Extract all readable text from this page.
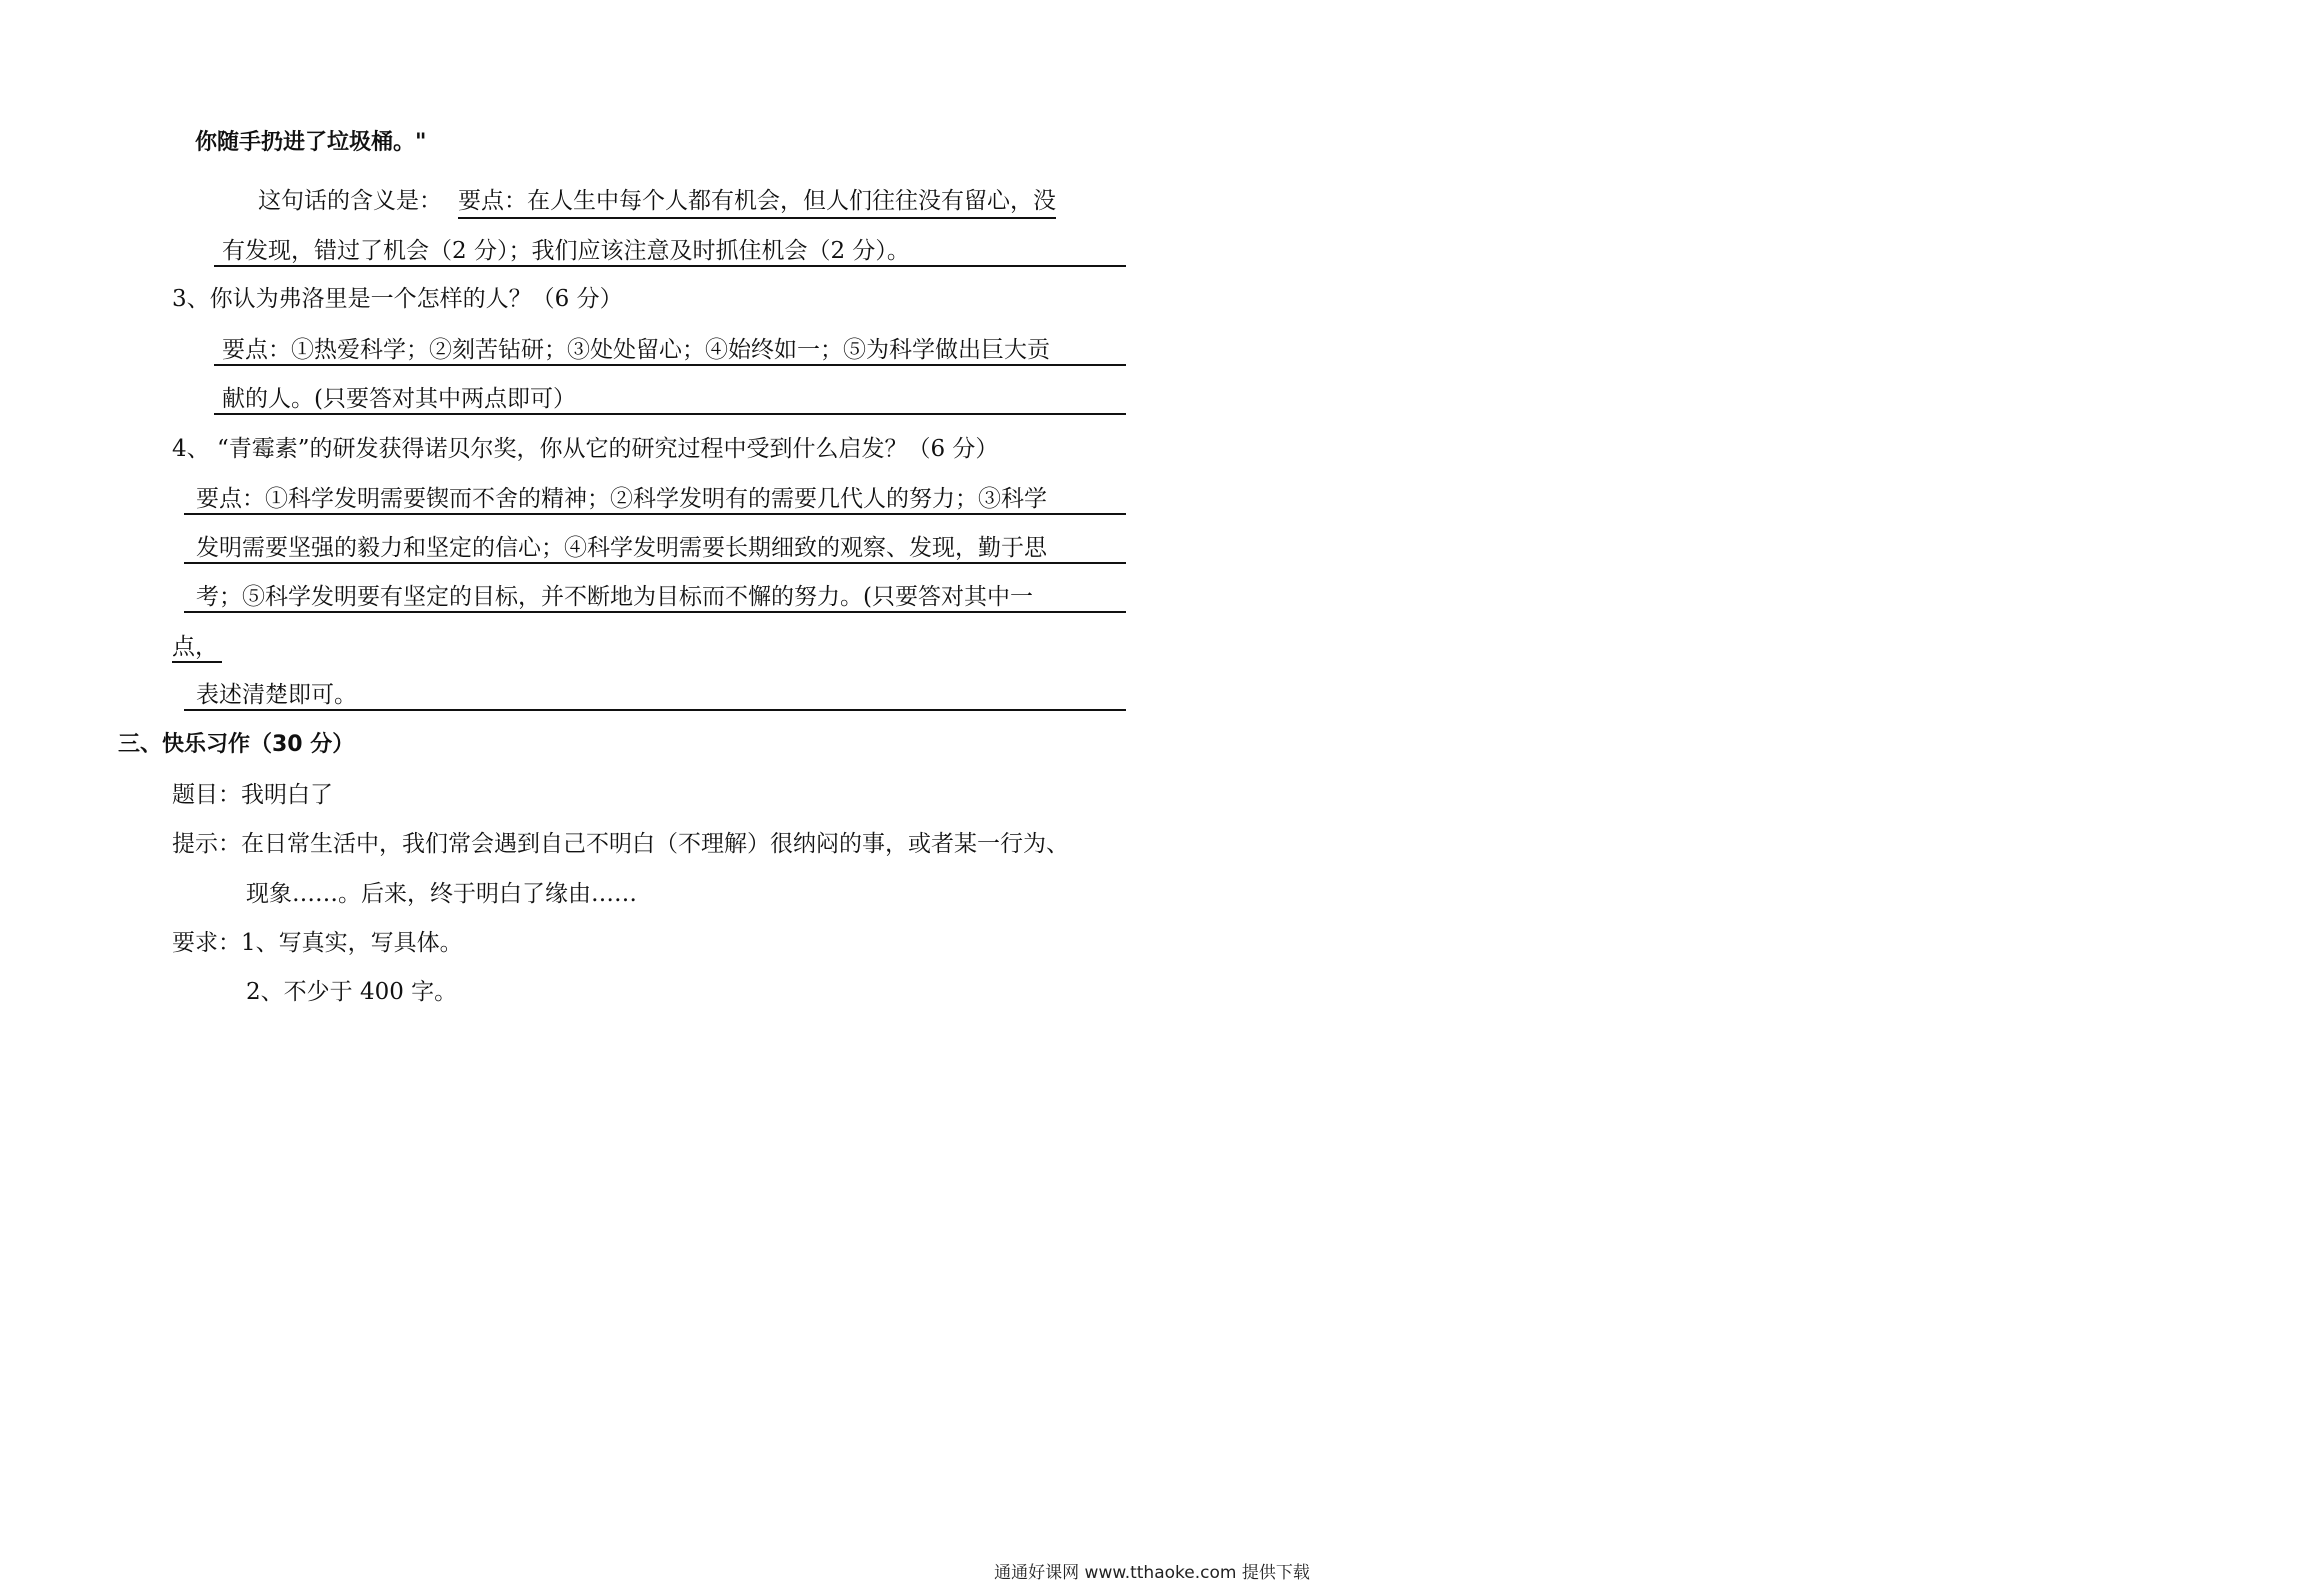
你随手扔进了垃圾桶。"
这句话的含义是： 要点：在人生中每个人都有机会，但人们往往没有留心，没
有发现，错过了机会（2 分）；我们应该注意及时抓住机会（2 分）。
3、你认为弗洛里是一个怎样的人？（6 分）
要点：①热爱科学；②刻苦钻研；③处处留心；④始终如一；⑤为科学做出巨大贡
献的人。(只要答对其中两点即可）
4、 “青霉素”的研发获得诺贝尔奖，你从它的研究过程中受到什么启发？（6 分）
要点：①科学发明需要锲而不舍的精神；②科学发明有的需要几代人的努力；③科学
发明需要坚强的毅力和坚定的信心；④科学发明需要长期细致的观察、发现，勤于思
考；⑤科学发明要有坚定的目标，并不断地为目标而不懈的努力。(只要答对其中一
点，
表述清楚即可。
三、快乐习作（30 分）
题目：我明白了
提示：在日常生活中，我们常会遇到自己不明白（不理解）很纳闷的事，或者某一行为、
现象……。后来，终于明白了缘由……
要求：1、写真实，写具体。
2、不少于 400 字。
通通好课网 www.tthaoke.com 提供下载
